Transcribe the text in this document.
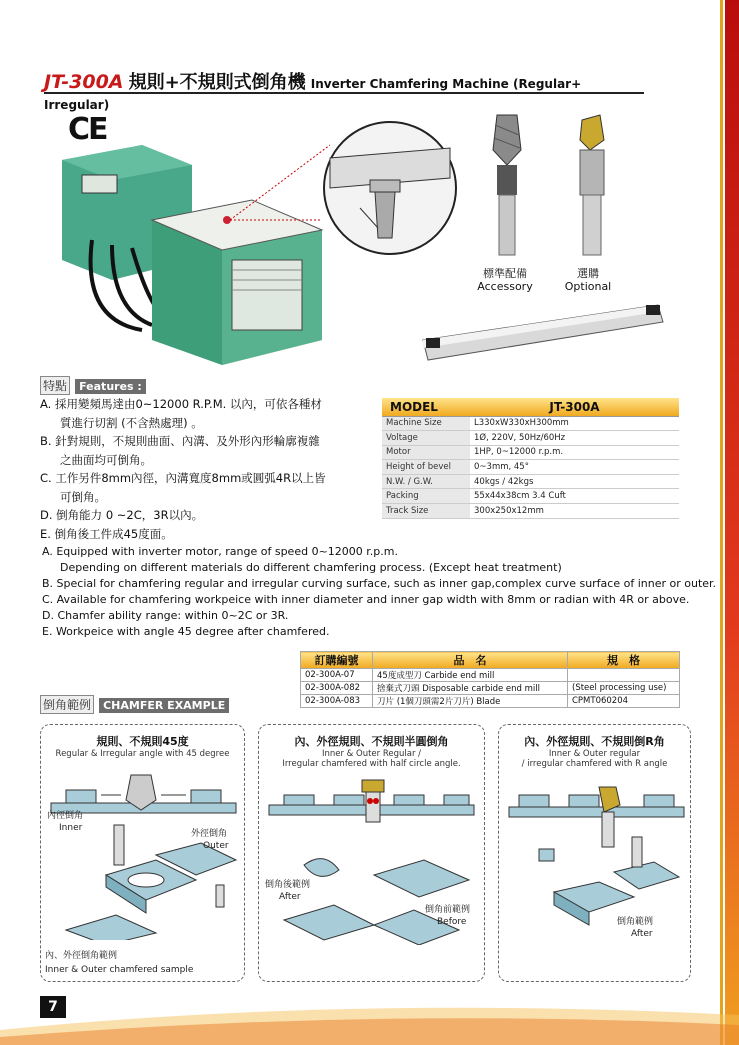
JT-300A 規則+不規則式倒角機 Inverter Chamfering Machine (Regular+ Irregular)
CE
標準配備
Accessory
選購
Optional
特點 Features :
A. 採用變頻馬達由0~12000 R.P.M. 以內，可依各種材
質進行切割 (不含熱處理) 。
B. 針對規則，不規則曲面、內溝、及外形內形輪廓複雜
之曲面均可倒角。
C. 工作另件8mm內徑，內溝寬度8mm或圓弧4R以上皆
可倒角。
D. 倒角能力 0 ~2C，3R以內。
E. 倒角後工件成45度面。
MODEL	JT-300A
Machine Size	L330xW330xH300mm
Voltage	1Ø, 220V, 50Hz/60Hz
Motor	1HP, 0~12000 r.p.m.
Height of bevel	0~3mm, 45°
N.W. / G.W.	40kgs / 42kgs
Packing	55x44x38cm 3.4 Cuft
Track Size	300x250x12mm
A. Equipped with inverter motor, range of speed 0~12000 r.p.m.
Depending on different materials do different chamfering process. (Except heat treatment)
B. Special for chamfering regular and irregular curving surface, such as inner gap,complex curve surface of inner or outer.
C. Available for chamfering workpeice with inner diameter and inner gap width with 8mm or radian with 4R or above.
D. Chamfer ability range: within 0~2C or 3R.
E. Workpeice with angle 45 degree after chamfered.
訂購編號	品　名	規　格
02-300A-07	45度成型刀 Carbide end mill	
02-300A-082	捨棄式刀頭 Disposable carbide end mill	(Steel processing use)
02-300A-083	刀片 (1個刀頭需2片刀片) Blade	CPMT060204
倒角範例 CHAMFER EXAMPLE
規則、不規則45度
Regular & Irregular angle with 45 degree
內徑倒角
Inner
外徑倒角
Outer
內、外徑倒角範例
Inner & Outer chamfered sample
內、外徑規則、不規則半圓倒角
Inner & Outer Regular /
Irregular chamfered with half circle angle.
倒角後範例
After
倒角前範例
Before
內、外徑規則、不規則倒R角
Inner & Outer regular
/ irregular chamfered with R angle
倒角範例
After
7
